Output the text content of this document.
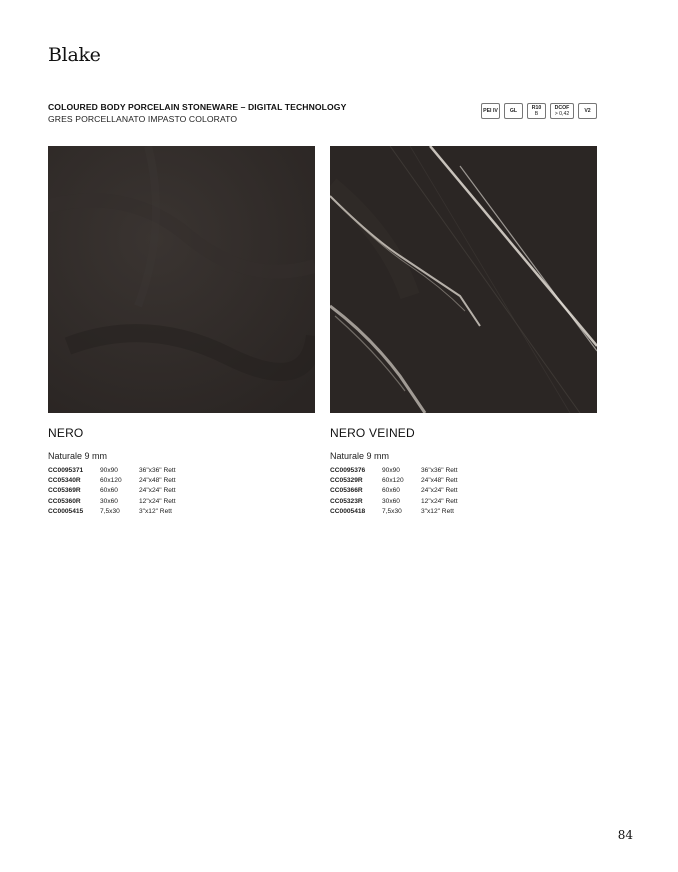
Blake
COLOURED BODY PORCELAIN STONEWARE – DIGITAL TECHNOLOGY
GRES PORCELLANATO IMPASTO COLORATO
PEI IV GL	R10
B
DCOF
> 0,42	V2
NERO
Naturale 9 mm
CC0095371	90x90	36"x36" Rett
CC05340R	60x120	24"x48" Rett
CC05369R	60x60	24"x24" Rett
CC05360R	30x60	12"x24" Rett
CC0005415	7,5x30	3"x12" Rett
NERO VEINED
Naturale 9 mm
CC0095376	90x90	36"x36" Rett
CC05329R	60x120	24"x48" Rett
CC05366R	60x60	24"x24" Rett
CC05323R	30x60	12"x24" Rett
CC0005418	7,5x30	3"x12" Rett
84
